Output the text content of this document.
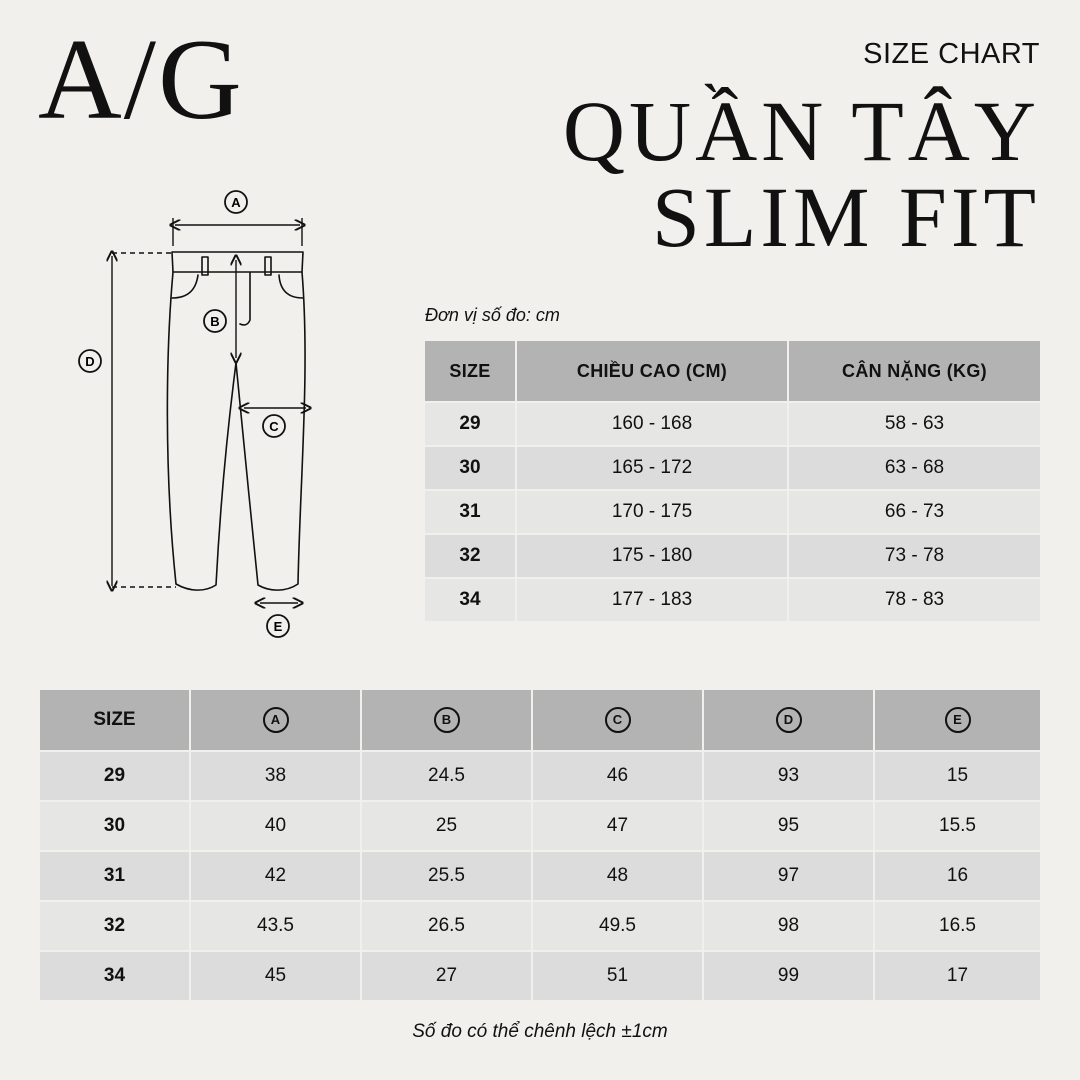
A/G	SIZE CHART
QUẦN TÂY
SLIM FIT
A
B
C
D
E
Đơn vị số đo: cm
SIZE	CHIỀU CAO (CM)	CÂN NẶNG (KG)
29	160 - 168	58 - 63
30	165 - 172	63 - 68
31	170 - 175	66 - 73
32	175 - 180	73 - 78
34	177 - 183	78 - 83
SIZE	A	B	C	D	E
29	38	24.5	46	93	15
30	40	25	47	95	15.5
31	42	25.5	48	97	16
32	43.5	26.5	49.5	98	16.5
34	45	27	51	99	17
Số đo có thể chênh lệch ±1cm
